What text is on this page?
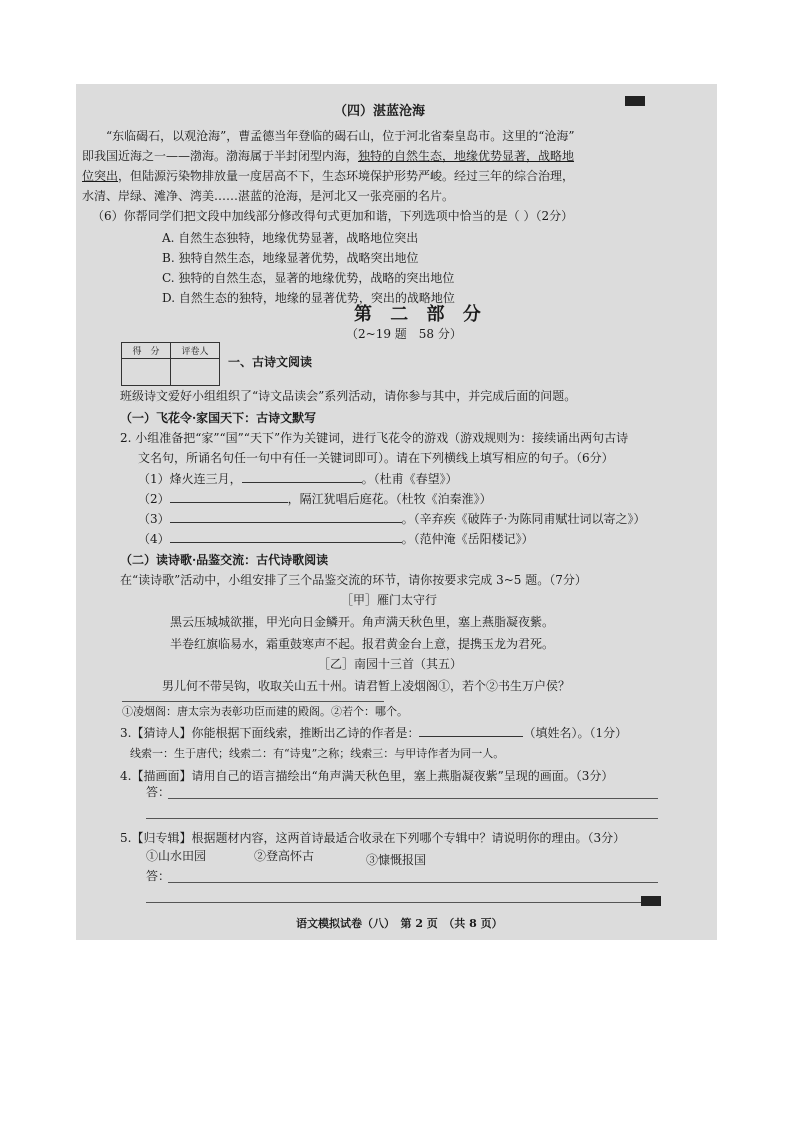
（四）湛蓝沧海
“东临碣石，以观沧海”，曹孟德当年登临的碣石山，位于河北省秦皇岛市。这里的“沧海”
即我国近海之一——渤海。渤海属于半封闭型内海，独特的自然生态，地缘优势显著，战略地
位突出，但陆源污染物排放量一度居高不下，生态环境保护形势严峻。经过三年的综合治理，
水清、岸绿、滩净、湾美……湛蓝的沧海，是河北又一张亮丽的名片。
（6）你帮同学们把文段中加线部分修改得句式更加和谐，下列选项中恰当的是（ ）（2分）
A. 自然生态独特，地缘优势显著，战略地位突出
B. 独特自然生态，地缘显著优势，战略突出地位
C. 独特的自然生态，显著的地缘优势，战略的突出地位
D. 自然生态的独特，地缘的显著优势，突出的战略地位
第 二 部 分
（2~19 题　58 分）
得　分	评卷人

一、古诗文阅读
班级诗文爱好小组组织了“诗文品读会”系列活动，请你参与其中，并完成后面的问题。
（一）飞花令·家国天下：古诗文默写
2. 小组准备把“家”“国”“天下”作为关键词，进行飞花令的游戏（游戏规则为：接续诵出两句古诗
文名句，所诵名句任一句中有任一关键词即可）。请在下列横线上填写相应的句子。（6分）
（1）烽火连三月，	。（杜甫《春望》）
（2）	，隔江犹唱后庭花。（杜牧《泊秦淮》）
（3）	。（辛弃疾《破阵子·为陈同甫赋壮词以寄之》）
（4）	。（范仲淹《岳阳楼记》）
（二）读诗歌·品鉴交流：古代诗歌阅读
在“读诗歌”活动中，小组安排了三个品鉴交流的环节，请你按要求完成 3~5 题。（7分）
［甲］雁门太守行
黑云压城城欲摧，甲光向日金鳞开。角声满天秋色里，塞上燕脂凝夜紫。
半卷红旗临易水，霜重鼓寒声不起。报君黄金台上意，提携玉龙为君死。
［乙］南园十三首（其五）
男儿何不带吴钩，收取关山五十州。请君暂上凌烟阁①，若个②书生万户侯？
①凌烟阁：唐太宗为表彰功臣而建的殿阁。②若个：哪个。
3.【猜诗人】你能根据下面线索，推断出乙诗的作者是：	（填姓名）。（1分）
线索一：生于唐代；线索二：有“诗鬼”之称；线索三：与甲诗作者为同一人。
4.【描画面】请用自己的语言描绘出“角声满天秋色里，塞上燕脂凝夜紫”呈现的画面。（3分）
答：
5.【归专辑】根据题材内容，这两首诗最适合收录在下列哪个专辑中？请说明你的理由。（3分）
①山水田园	②登高怀古	③慷慨报国
答：
语文模拟试卷（八）　第 2 页　（共 8 页）
